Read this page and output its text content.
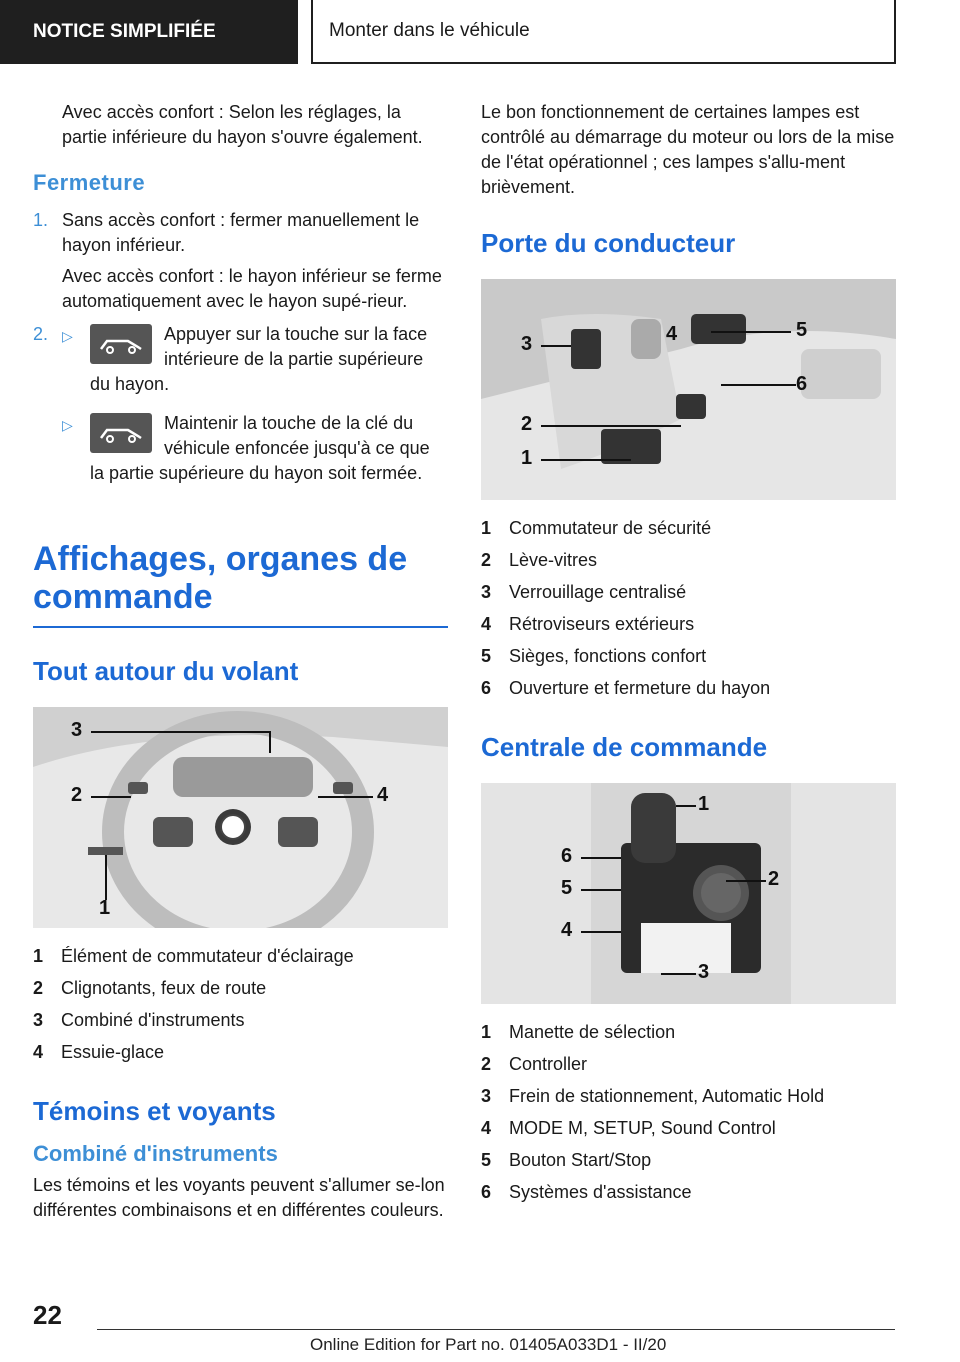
NOTICE SIMPLIFIÉE	Monter dans le véhicule

Avec accès confort : Selon les réglages, la partie inférieure du hayon s'ouvre également.

Fermeture
1. Sans accès confort : fermer manuellement le hayon inférieur.

Avec accès confort : le hayon inférieur se ferme automatiquement avec le hayon supé-rieur.

2. ▷	Appuyer sur la touche sur la face intérieure de la partie supérieure du hayon.

▷	Maintenir la touche de la clé du véhicule enfoncée jusqu'à ce que la partie supérieure du hayon soit fermée.

Affichages, organes de commande
Tout autour du volant
3
2	4
1
1 Élément de commutateur d'éclairage
2 Clignotants, feux de route
3 Combiné d'instruments
4 Essuie-glace
Témoins et voyants
Combiné d'instruments

Les témoins et les voyants peuvent s'allumer se-lon différentes combinaisons et en différentes couleurs.

Le bon fonctionnement de certaines lampes est contrôlé au démarrage du moteur ou lors de la mise de l'état opérationnel ; ces lampes s'allu-ment brièvement.

Porte du conducteur
3	4	5
6
2
1
1 Commutateur de sécurité
2 Lève-vitres
3 Verrouillage centralisé
4 Rétroviseurs extérieurs
5 Sièges, fonctions confort
6 Ouverture et fermeture du hayon
Centrale de commande
1
6
2
5
4
3
1 Manette de sélection
2 Controller
3 Frein de stationnement, Automatic Hold
4 MODE M, SETUP, Sound Control
5 Bouton Start/Stop
6 Systèmes d'assistance
22
Online Edition for Part no. 01405A033D1 - II/20
